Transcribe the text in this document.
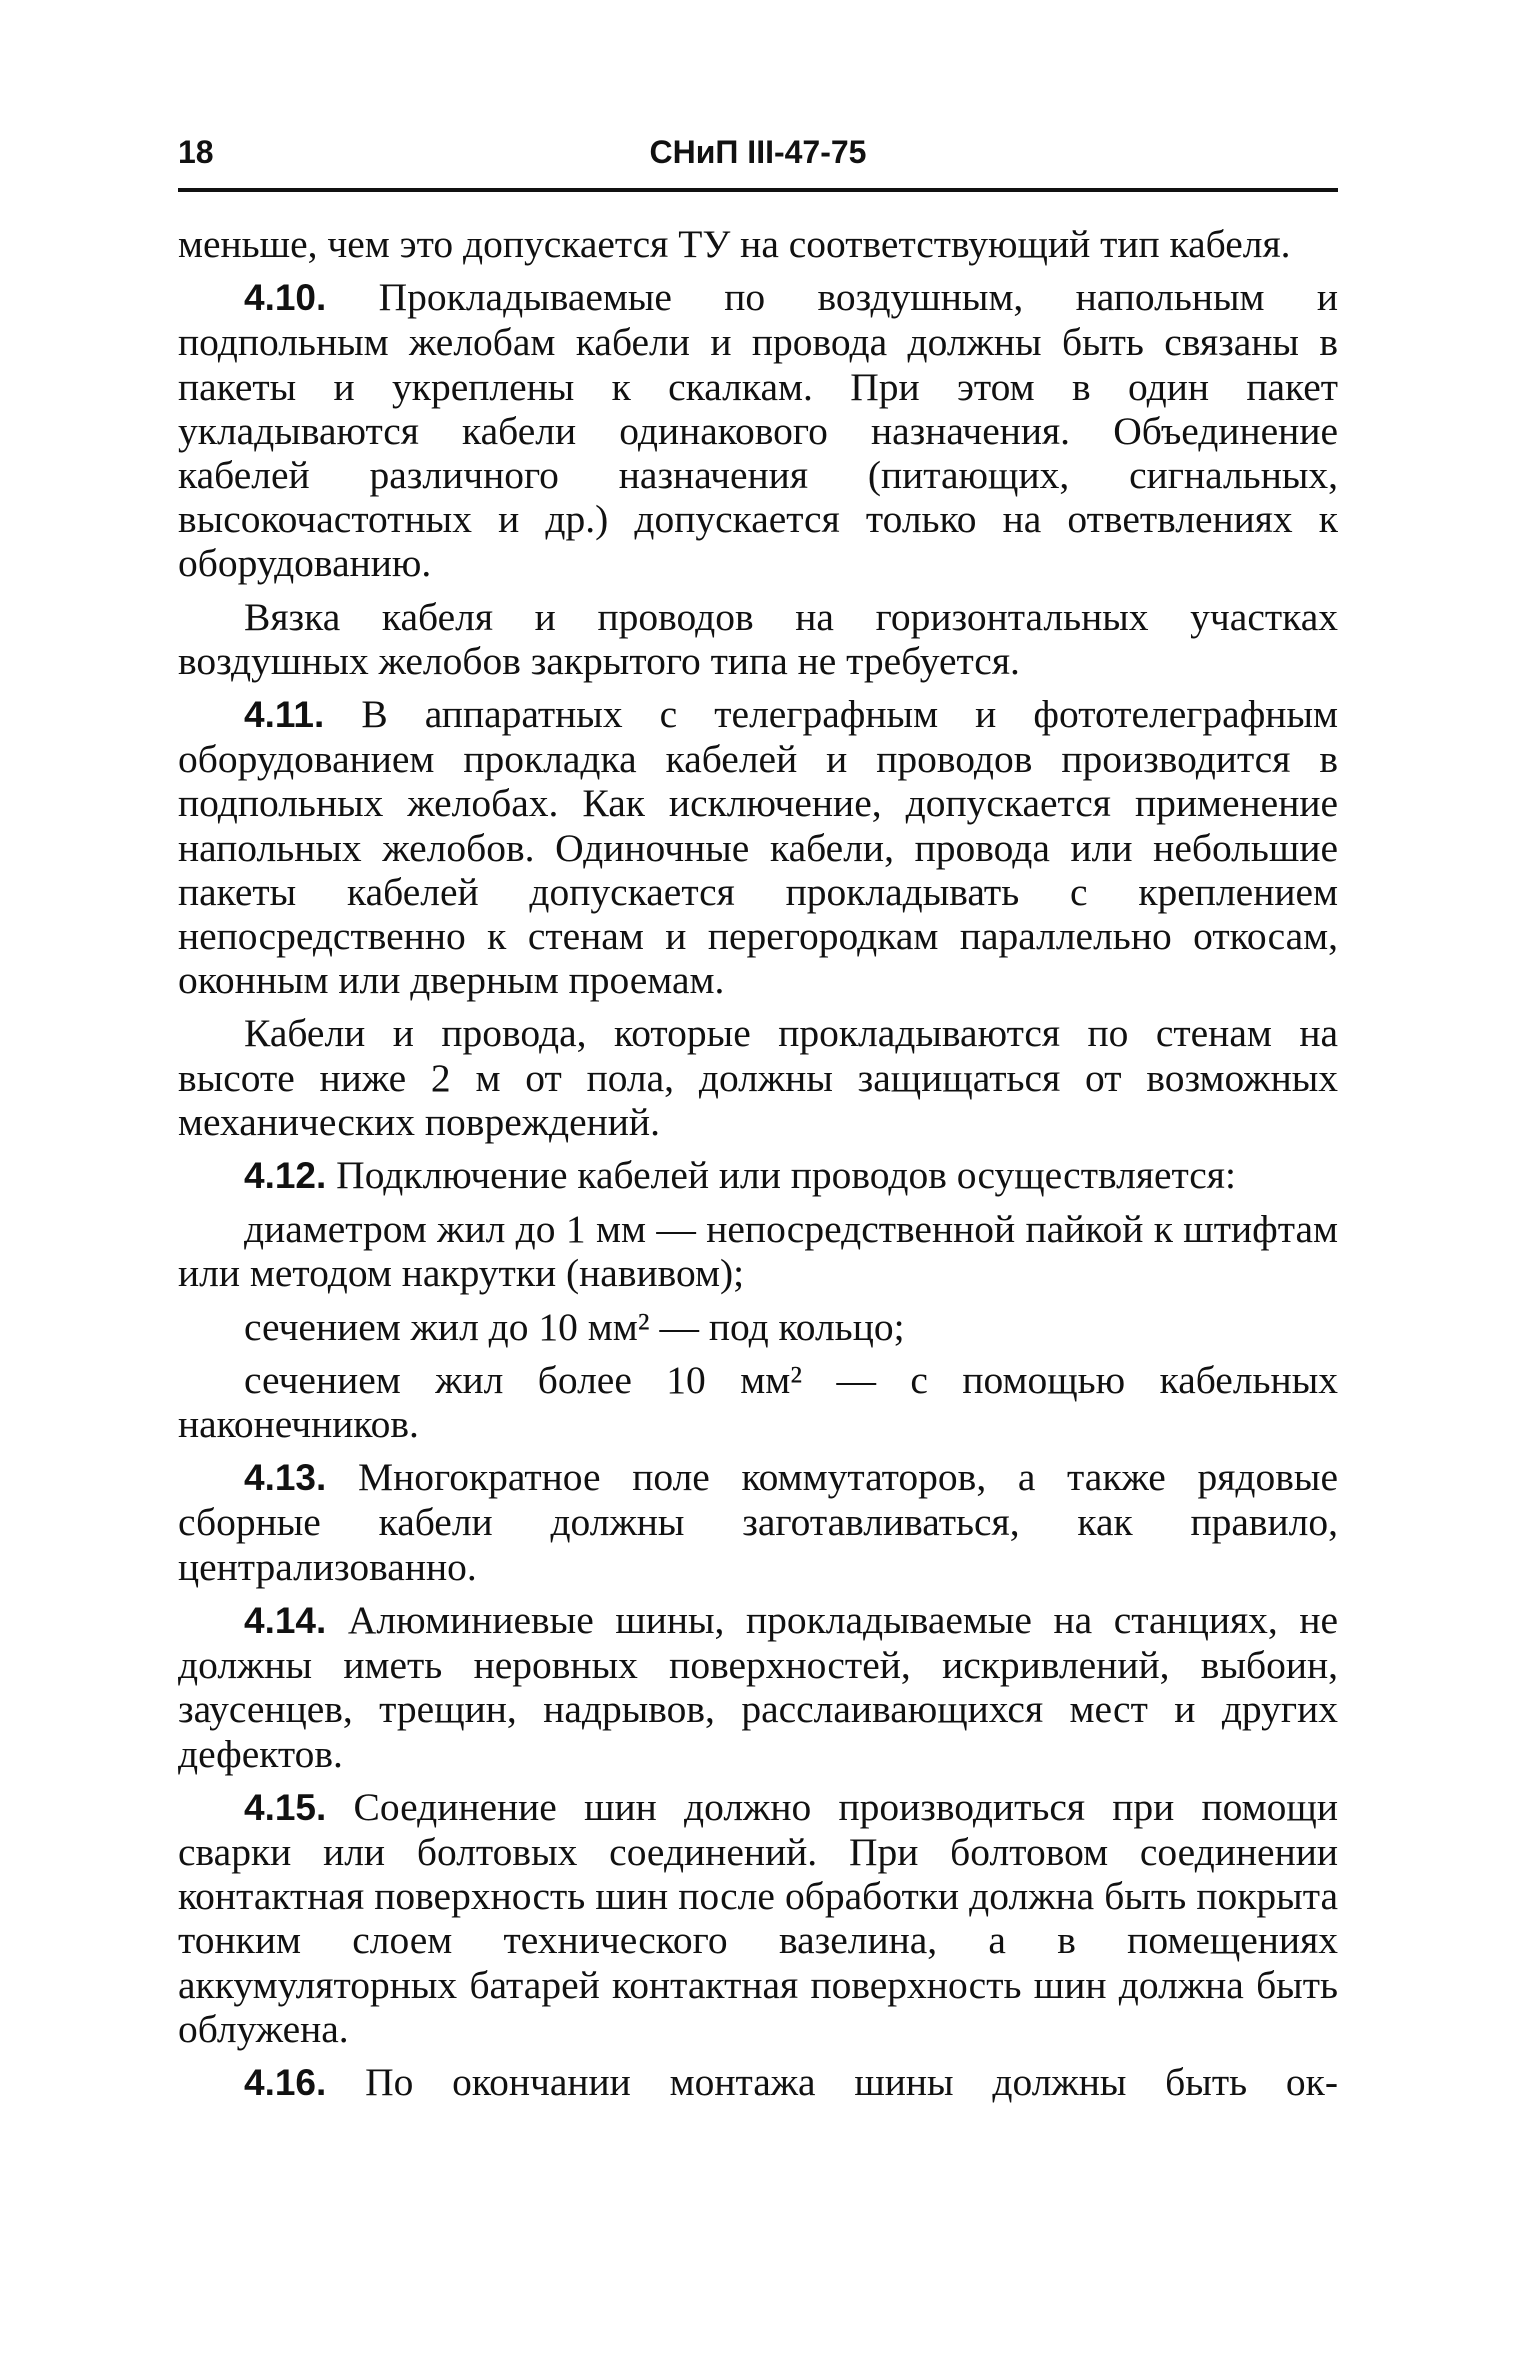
18	СНиП III-47-75

меньше, чем это допускается ТУ на соответствующий тип кабеля.

4.10. Прокладываемые по воздушным, напольным и подпольным желобам кабели и провода должны быть связаны в пакеты и укреплены к скалкам. При этом в один пакет укладываются кабели одинакового назначения. Объединение кабелей различного назначения (питающих, сигнальных, высокочастотных и др.) допускается только на ответвлениях к оборудованию.

Вязка кабеля и проводов на горизонтальных участках воздушных желобов закрытого типа не требуется.

4.11. В аппаратных с телеграфным и фототелеграфным оборудованием прокладка кабелей и проводов производится в подпольных желобах. Как исключение, допускается применение напольных желобов. Одиночные кабели, провода или небольшие пакеты кабелей допускается прокладывать с креплением непосредственно к стенам и перегородкам параллельно откосам, оконным или дверным проемам.

Кабели и провода, которые прокладываются по стенам на высоте ниже 2 м от пола, должны защищаться от возможных механических повреждений.

4.12. Подключение кабелей или проводов осуществляется:

диаметром жил до 1 мм — непосредственной пайкой к штифтам или методом накрутки (навивом);

сечением жил до 10 мм² — под кольцо;

сечением жил более 10 мм² — с помощью кабельных наконечников.

4.13. Многократное поле коммутаторов, а также рядовые сборные кабели должны заготавливаться, как правило, централизованно.

4.14. Алюминиевые шины, прокладываемые на станциях, не должны иметь неровных поверхностей, искривлений, выбоин, заусенцев, трещин, надрывов, расслаивающихся мест и других дефектов.

4.15. Соединение шин должно производиться при помощи сварки или болтовых соединений. При болтовом соединении контактная поверхность шин после обработки должна быть покрыта тонким слоем технического вазелина, а в помещениях аккумуляторных батарей контактная поверхность шин должна быть облужена.

4.16. По окончании монтажа шины должны быть ок-
